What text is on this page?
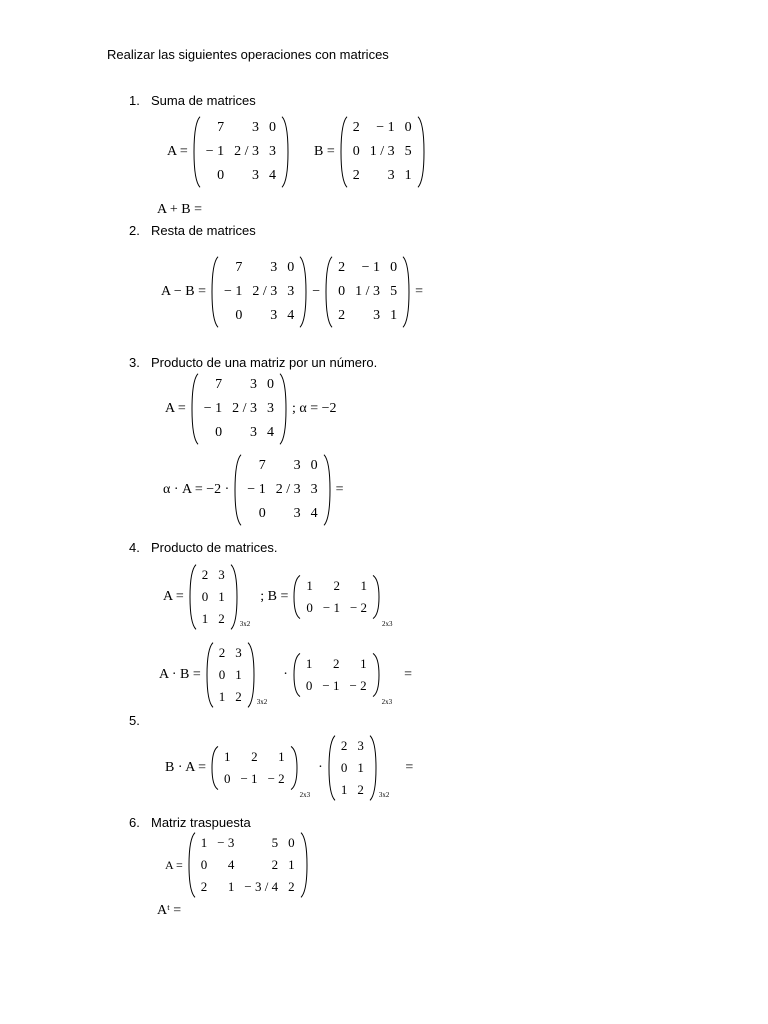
Realizar las siguientes operaciones con matrices
1. Suma de matrices
A =
7	3	0
− 1	2 / 3	3
0	3	4
B =
2	− 1	0
0	1 / 3	5
2	3	1
A + B =
2. Resta de matrices
A − B =
7	3	0
− 1	2 / 3	3
0	3	4
−
2	− 1	0
0	1 / 3	5
2	3	1
=
3. Producto de una matriz por un número.
A =
7	3	0
− 1	2 / 3	3
0	3	4
; α = −2
α · A = −2 ·
7	3	0
− 1	2 / 3	3
0	3	4
=
4. Producto de matrices.
A =
2	3
0	1
1	2 3x2
; B =
1	2	1
0	− 1	− 2
2x3
A · B =
2	3
0	1
1	2 3x2
·
1	2	1
0	− 1	− 2
2x3
=
5.
B · A =
1	2	1
0	− 1	− 2
2x3
·
2	3
0	1
1	2 3x2
=
6. Matriz traspuesta
A =
1	− 3	5	0
0	4	2	1
2	1	− 3 / 4	2
Aᵗ =
